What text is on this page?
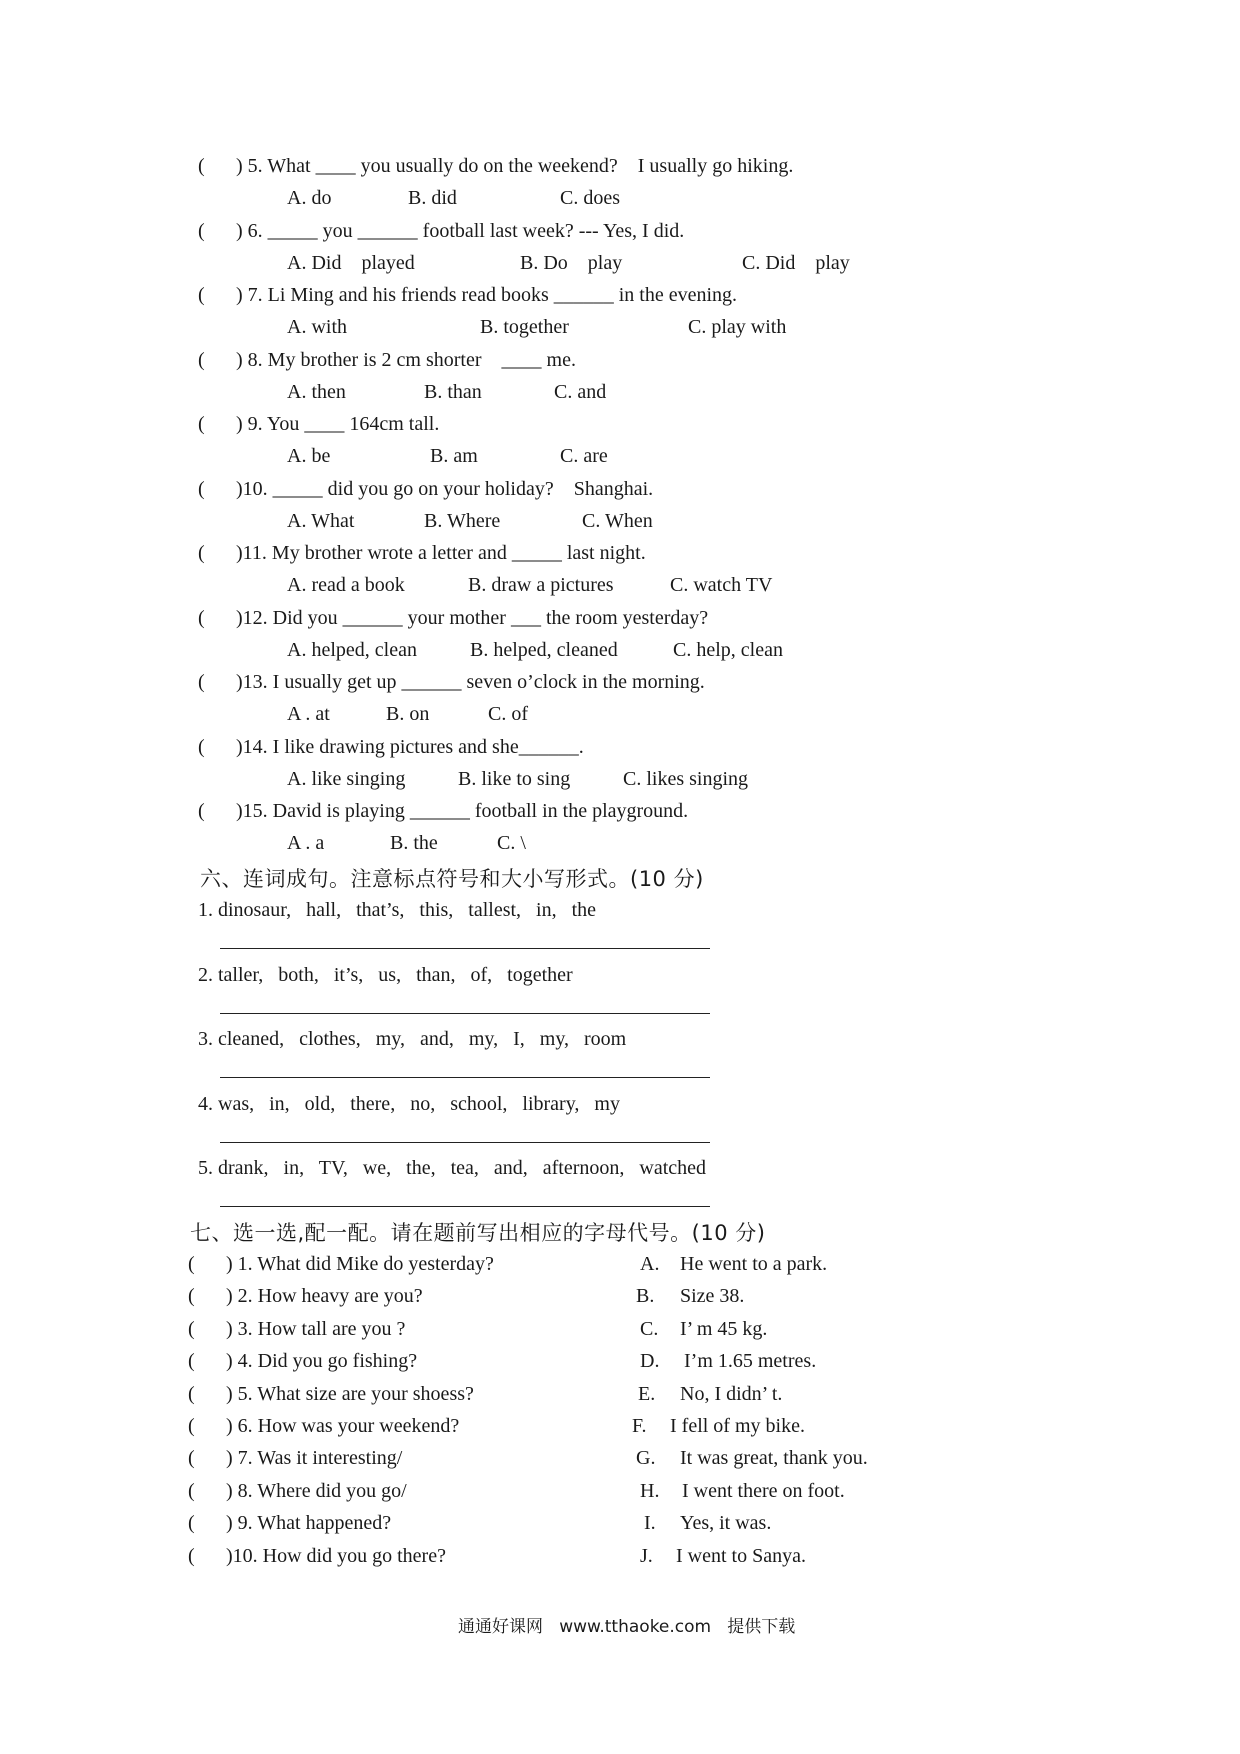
( ) 5. What ____ you usually do on the weekend?    I usually go hiking.
A. do	B. did	C. does
( ) 6. _____ you ______ football last week? --- Yes, I did.
A. Did    played	B. Do    play	C. Did    play
( ) 7. Li Ming and his friends read books ______ in the evening.
A. with	B. together	C. play with
( ) 8. My brother is 2 cm shorter    ____ me.
A. then	B. than	C. and
( ) 9. You ____ 164cm tall.
A. be	B. am	C. are
( )10. _____ did you go on your holiday?    Shanghai.
A. What	B. Where	C. When
( )11. My brother wrote a letter and _____ last night.
A. read a book	B. draw a pictures	C. watch TV
( )12. Did you ______ your mother ___ the room yesterday?
A. helped, clean	B. helped, cleaned	C. help, clean
( )13. I usually get up ______ seven o’clock in the morning.
A . at	B. on	C. of
( )14. I like drawing pictures and she______.
A. like singing	B. like to sing	C. likes singing
( )15. David is playing ______ football in the playground.
A . a	B. the	C. \
六、连词成句。注意标点符号和大小写形式。(10 分)
1. dinosaur,   hall,   that’s,   this,   tallest,   in,   the
2. taller,   both,   it’s,   us,   than,   of,   together
3. cleaned,   clothes,   my,   and,   my,   I,   my,   room
4. was,   in,   old,   there,   no,   school,   library,   my
5. drank,   in,   TV,   we,   the,   tea,   and,   afternoon,   watched
七、选一选,配一配。请在题前写出相应的字母代号。(10 分)
( ) 1. What did Mike do yesterday?	A. He went to a park.
( ) 2. How heavy are you?	B. Size 38.
( ) 3. How tall are you ?	C. I’ m 45 kg.
( ) 4. Did you go fishing?	D. I’m 1.65 metres.
( ) 5. What size are your shoess?	E. No, I didn’ t.
( ) 6. How was your weekend?	F. I fell of my bike.
( ) 7. Was it interesting/	G. It was great, thank you.
( ) 8. Where did you go/	H. I went there on foot.
( ) 9. What happened?	I. Yes, it was.
( )10. How did you go there?	J. I went to Sanya.
通通好课网   www.tthaoke.com   提供下载
